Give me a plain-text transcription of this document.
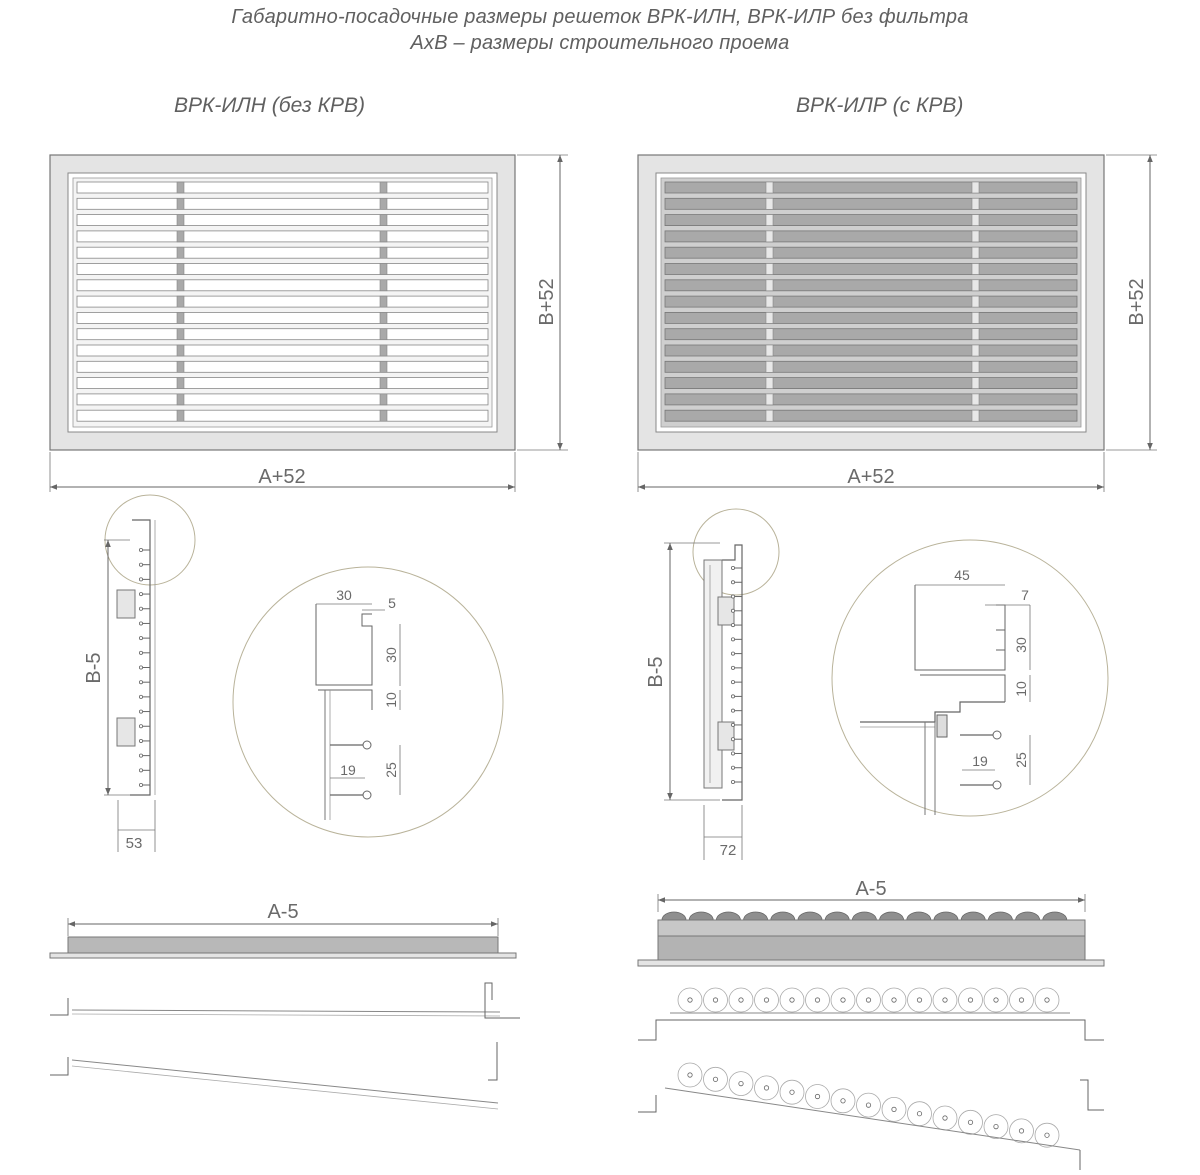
Габаритно-посадочные размеры решеток ВРК-ИЛН, ВРК-ИЛР без фильтра
АхВ – размеры строительного проема
ВРК-ИЛН (без КРВ)	ВРК-ИЛР (с КРВ)
A+52
B+52
A+52
B+52
B-5
53
30	5
30
10
19 25
B-5
72
45
7
30
10
19 25
A-5
A-5
